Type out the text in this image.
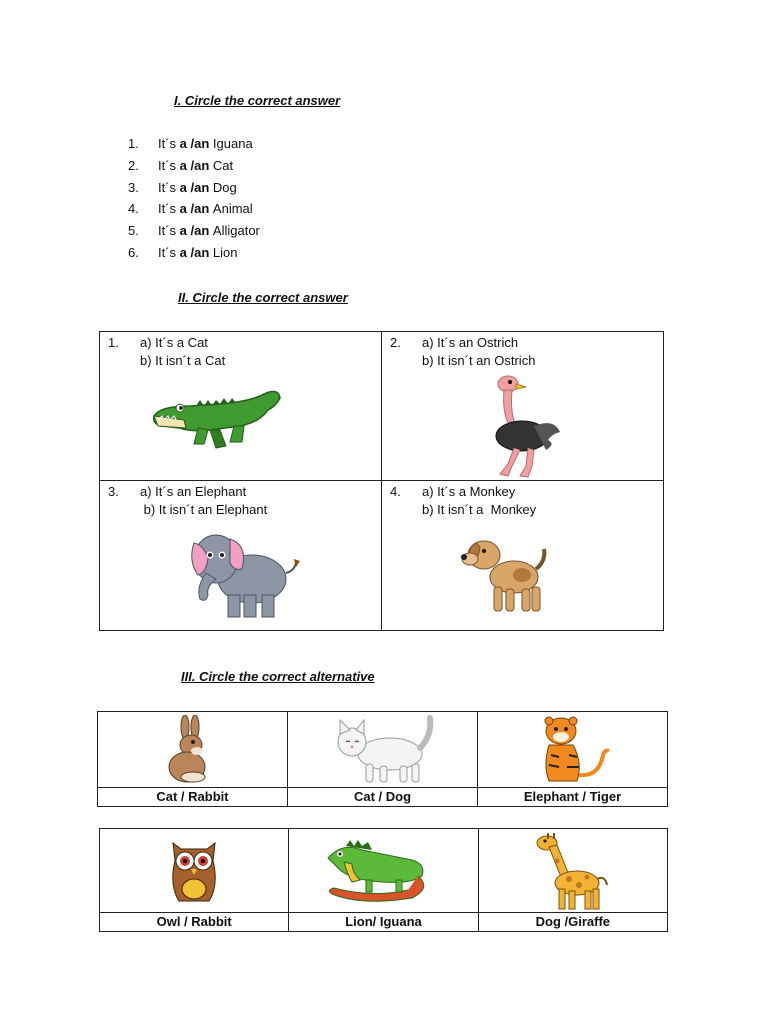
I. Circle the correct answer
1.	It´s a /an
Iguana
2.	It´s a /an
Cat
3.	It´s a /an
Dog
4.	It´s a /an
Animal
5.	It´s a /an
Alligator
6.	It´s a /an
Lion
II. Circle the correct answer
1. a) It´s a Cat
b) It isn´t a Cat
2. a) It´s an Ostrich
b) It isn´t an Ostrich
3. a) It´s an Elephant
b) It isn´t an Elephant
4. a) It´s a Monkey
b) It isn´t a  Monkey
III. Circle the correct alternative
Cat / Rabbit	Cat / Dog	Elephant / Tiger
Owl / Rabbit	Lion/ Iguana	Dog /Giraffe
